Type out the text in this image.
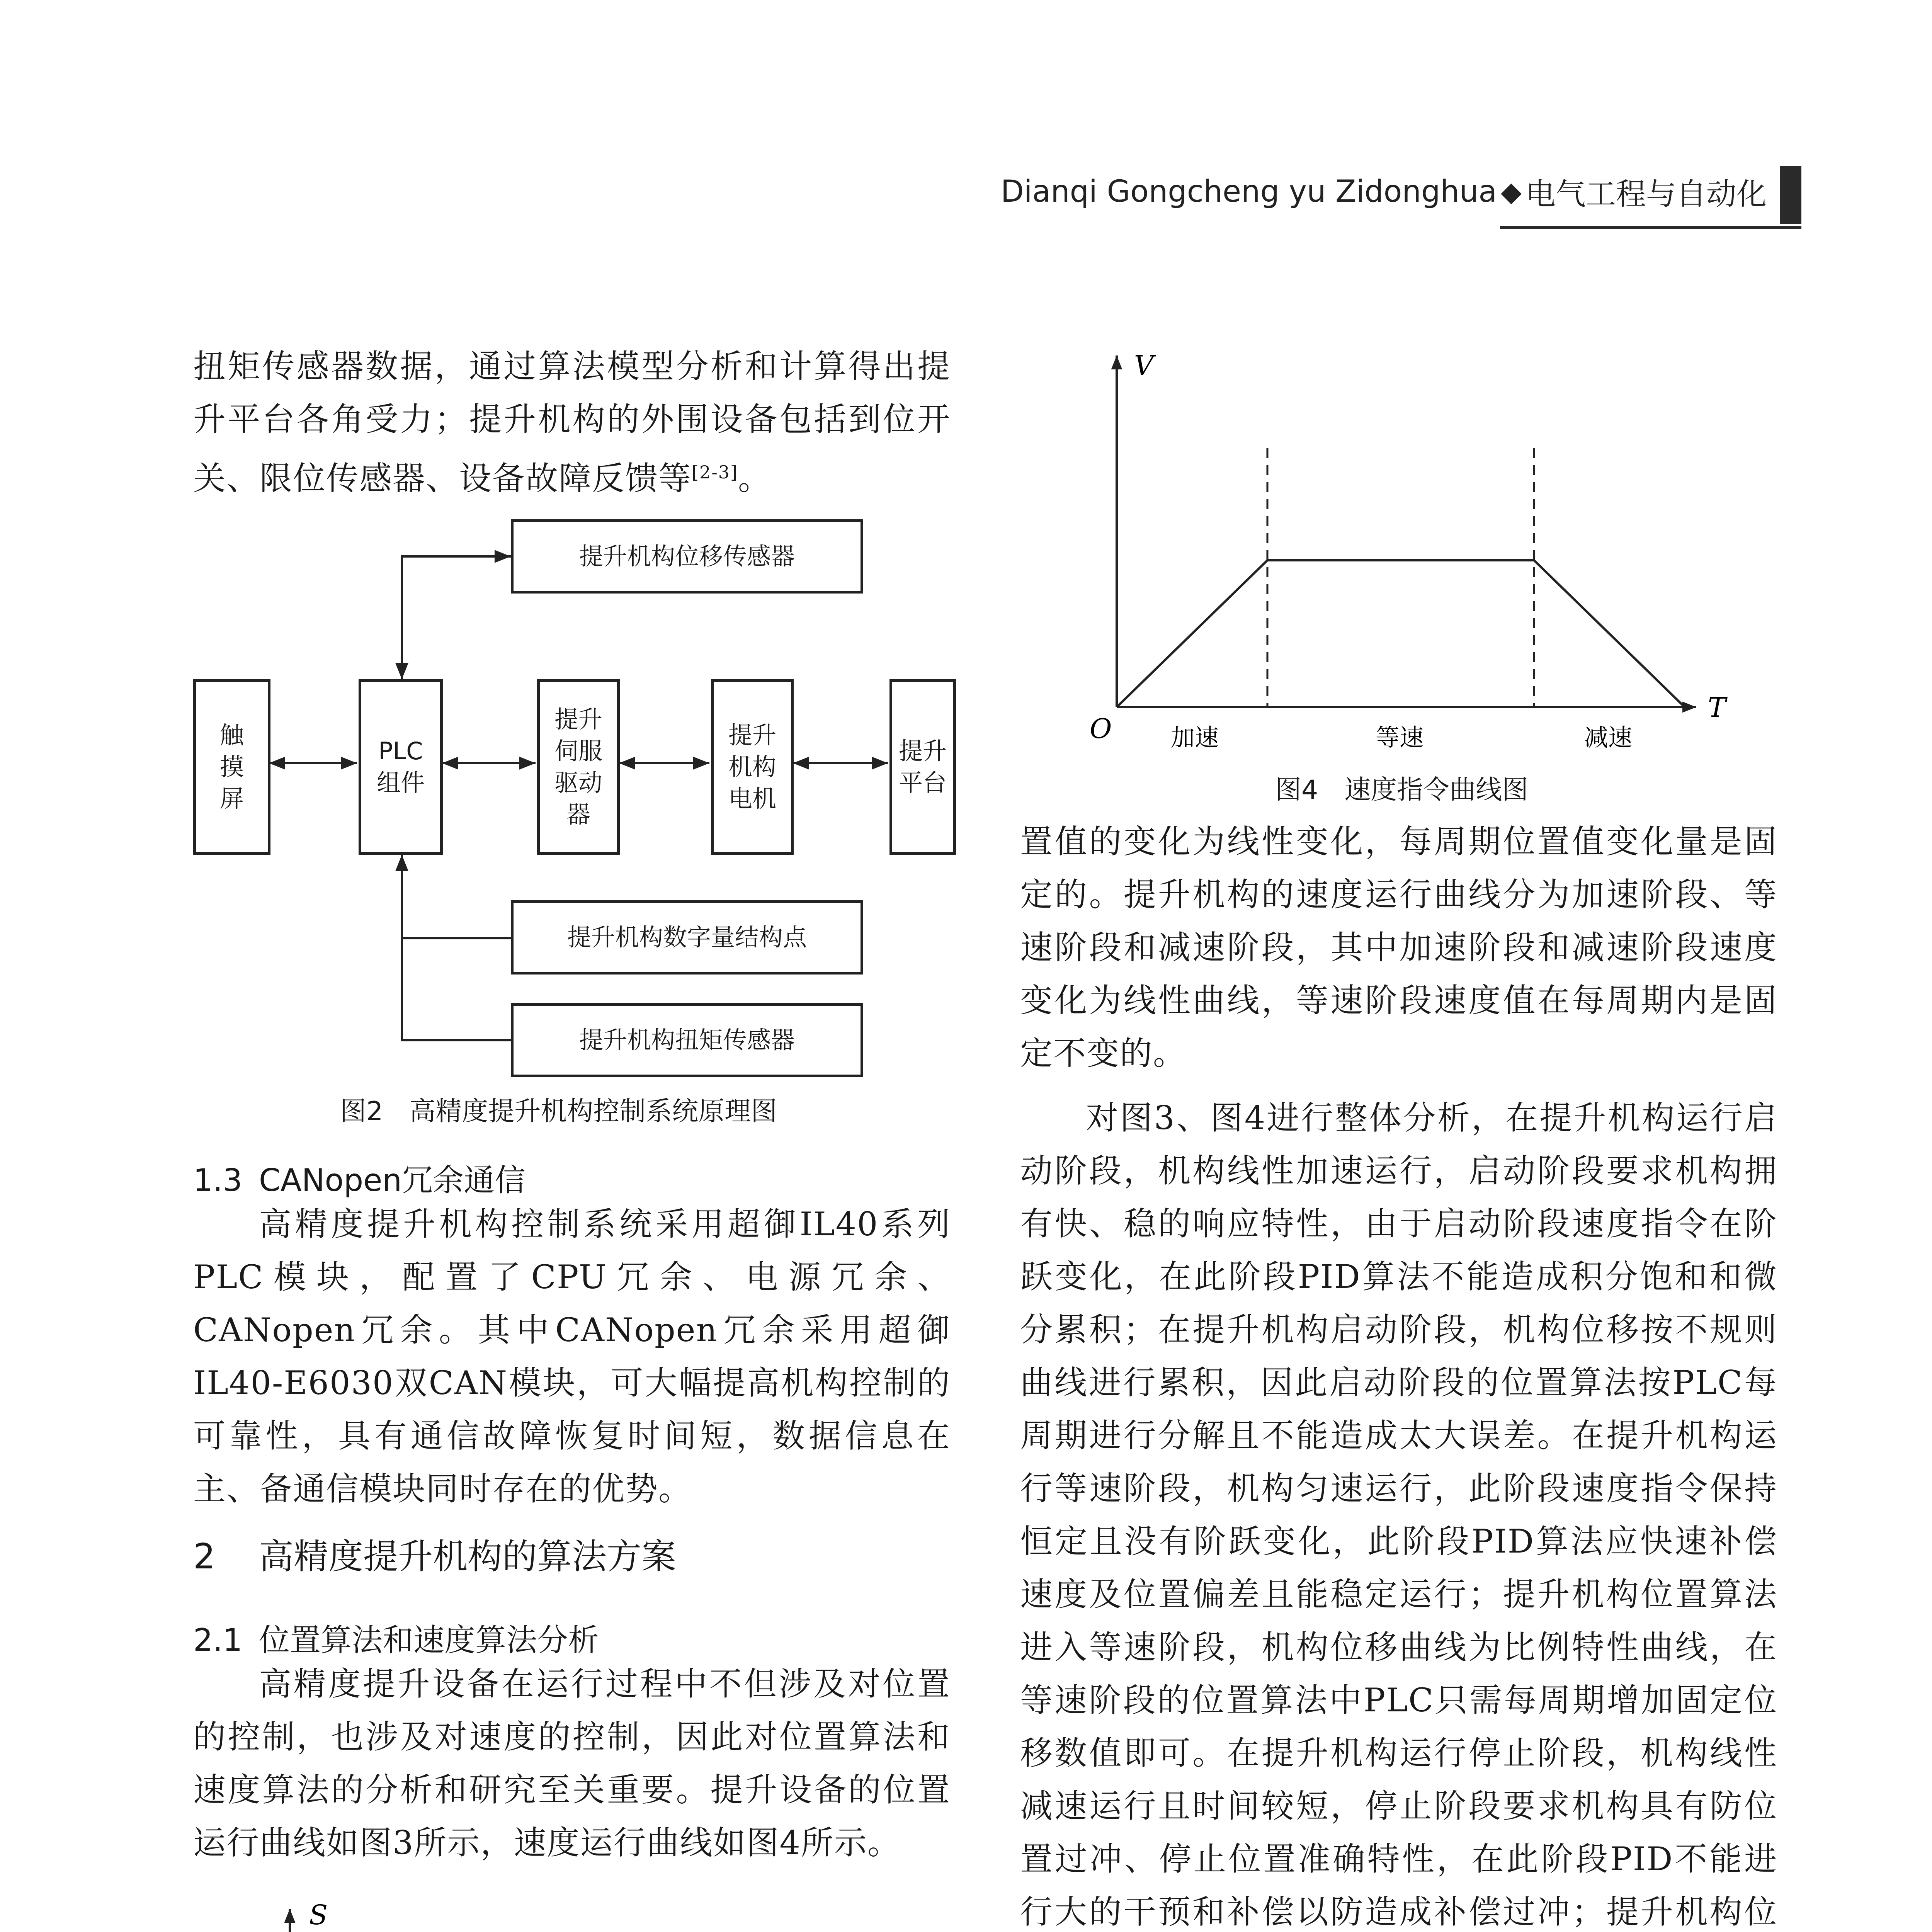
Dianqi Gongcheng yu Zidonghua ◆ 电气工程与自动化
扭矩传感器数据，通过算法模型分析和计算得出提升平台各角受力；提升机构的外围设备包括到位开关、限位传感器、设备故障反馈等[2-3]。
触
摸
屏
PLC
组件
提升
伺服
驱动
器
提升
机构
电机
提升
平台
提升机构位移传感器
提升机构数字量结构点
提升机构扭矩传感器
图2　高精度提升机构控制系统原理图
1.3 CANopen冗余通信
高精度提升机构控制系统采用超御IL40系列PLC模块，配置了CPU冗余、电源冗余、CANopen冗余。其中CANopen冗余采用超御IL40-E6030双CAN模块，可大幅提高机构控制的可靠性，具有通信故障恢复时间短，数据信息在主、备通信模块同时存在的优势。
2 高精度提升机构的算法方案
2.1 位置算法和速度算法分析
高精度提升设备在运行过程中不但涉及对位置的控制，也涉及对速度的控制，因此对位置算法和速度算法的分析和研究至关重要。提升设备的位置运行曲线如图3所示，速度运行曲线如图4所示。
S
V
T
O 加速	等速	减速
图4　速度指令曲线图
置值的变化为线性变化，每周期位置值变化量是固定的。提升机构的速度运行曲线分为加速阶段、等速阶段和减速阶段，其中加速阶段和减速阶段速度变化为线性曲线，等速阶段速度值在每周期内是固定不变的。
对图3、图4进行整体分析，在提升机构运行启动阶段，机构线性加速运行，启动阶段要求机构拥有快、稳的响应特性，由于启动阶段速度指令在阶跃变化，在此阶段PID算法不能造成积分饱和和微分累积；在提升机构启动阶段，机构位移按不规则曲线进行累积，因此启动阶段的位置算法按PLC每周期进行分解且不能造成太大误差。在提升机构运行等速阶段，机构匀速运行，此阶段速度指令保持恒定且没有阶跃变化，此阶段PID算法应快速补偿速度及位置偏差且能稳定运行；提升机构位置算法进入等速阶段，机构位移曲线为比例特性曲线，在等速阶段的位置算法中PLC只需每周期增加固定位移数值即可。在提升机构运行停止阶段，机构线性减速运行且时间较短，停止阶段要求机构具有防位置过冲、停止位置准确特性，在此阶段PID不能进行大的干预和补偿以防造成补偿过冲；提升机构位
